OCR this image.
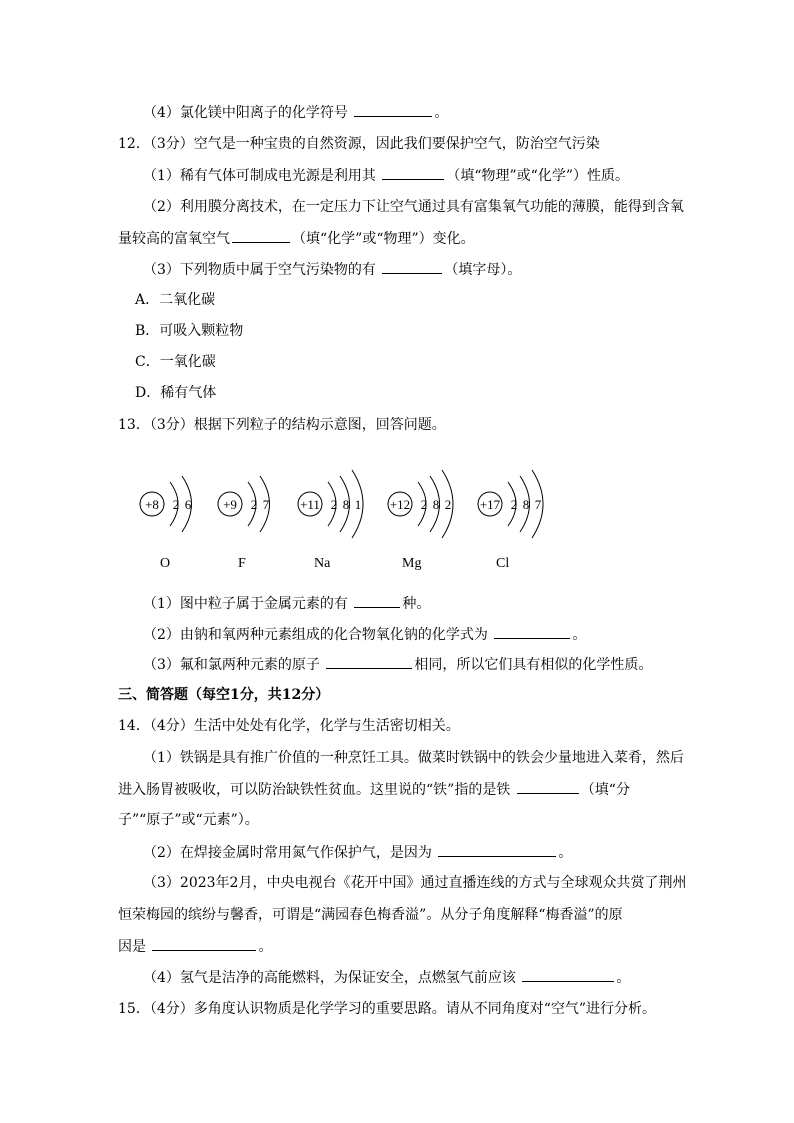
（4）氯化镁中阳离子的化学符号	。
12．（3分）空气是一种宝贵的自然资源，因此我们要保护空气，防治空气污染
（1）稀有气体可制成电光源是利用其	（填“物理”或“化学”）性质。
（2）利用膜分离技术，在一定压力下让空气通过具有富集氧气功能的薄膜，能得到含氧
量较高的富氧空气	（填“化学”或“物理”）变化。
（3）下列物质中属于空气污染物的有	（填字母）。
A．二氧化碳
B．可吸入颗粒物
C．一氧化碳
D．稀有气体
13．（3分）根据下列粒子的结构示意图，回答问题。
+8 2 6 +9 2 7 +11 2 8 1 +12 2 8 2 +17 2 8 7
O	F	Na	Mg	Cl
（1）图中粒子属于金属元素的有	种。
（2）由钠和氧两种元素组成的化合物氧化钠的化学式为	。
（3）氟和氯两种元素的原子	相同，所以它们具有相似的化学性质。
三、简答题（每空1分，共12分）
14．（4分）生活中处处有化学，化学与生活密切相关。
（1）铁锅是具有推广价值的一种烹饪工具。做菜时铁锅中的铁会少量地进入菜肴，然后
进入肠胃被吸收，可以防治缺铁性贫血。这里说的“铁”指的是铁	（填“分
子”“原子”或“元素”）。
（2）在焊接金属时常用氮气作保护气，是因为	。
（3）2023年2月，中央电视台《花开中国》通过直播连线的方式与全球观众共赏了荆州
恒荣梅园的缤纷与馨香，可谓是“满园春色梅香溢”。从分子角度解释“梅香溢”的原
因是	。
（4）氢气是洁净的高能燃料，为保证安全，点燃氢气前应该	。
15．（4分）多角度认识物质是化学学习的重要思路。请从不同角度对“空气”进行分析。
